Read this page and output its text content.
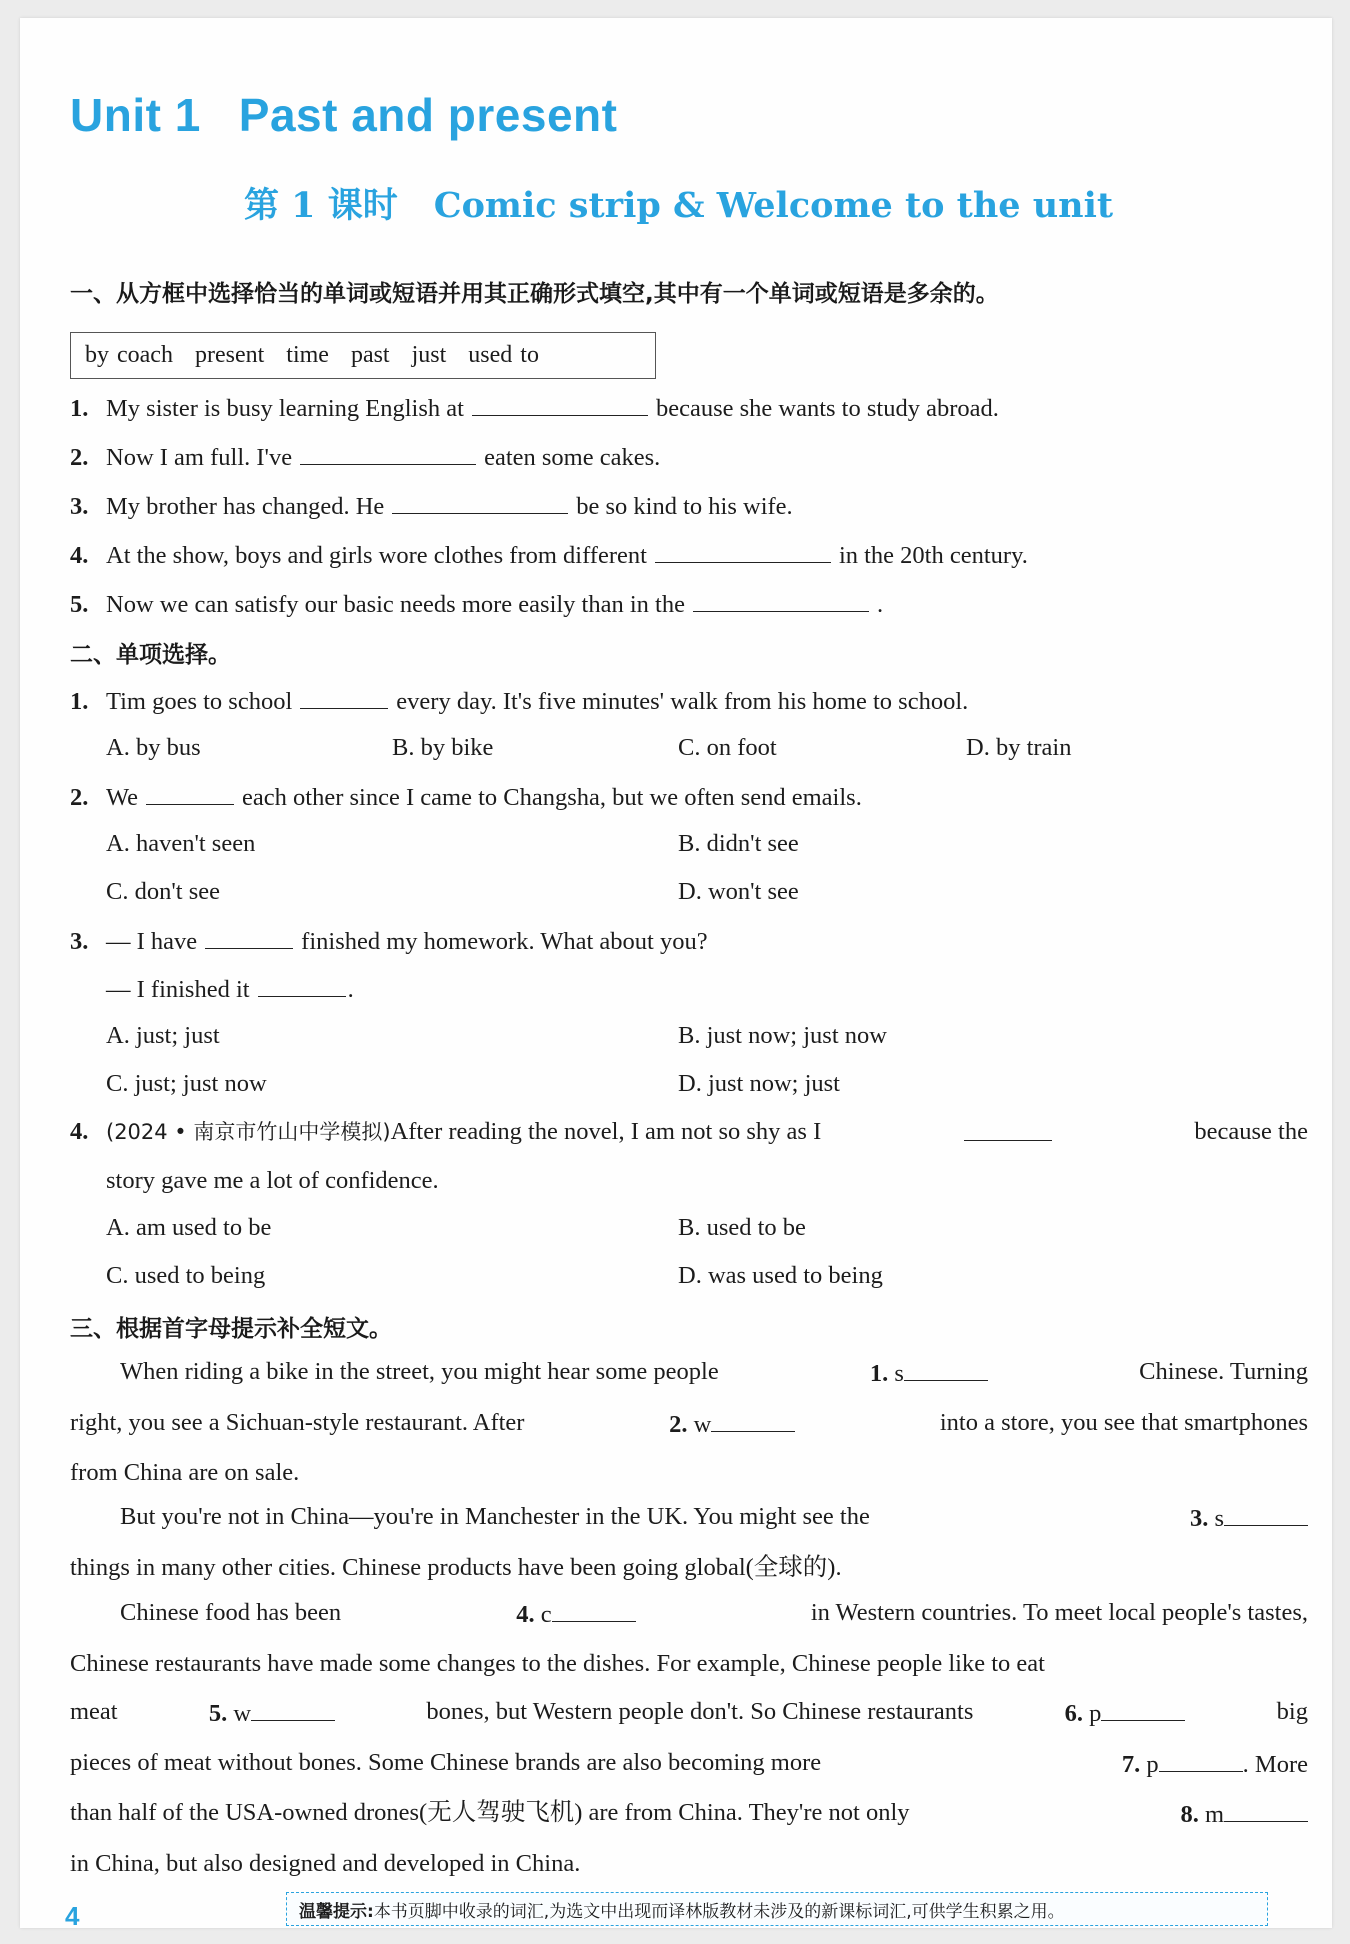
Unit 1 Past and present
第 1 课时 Comic strip & Welcome to the unit
一、从方框中选择恰当的单词或短语并用其正确形式填空,其中有一个单词或短语是多余的。
by coach present time past just used to
1. My sister is busy learning English at	because she wants to study abroad.
2. Now I am full. I've	eaten some cakes.
3. My brother has changed. He	be so kind to his wife.
4. At the show, boys and girls wore clothes from different	in the 20th century.
5. Now we can satisfy our basic needs more easily than in the	.
二、单项选择。
1. Tim goes to school	every day. It's five minutes' walk from his home to school.
A. by bus	B. by bike	C. on foot	D. by train
2. We	each other since I came to Changsha, but we often send emails.
A. haven't seen	B. didn't see
C. don't see	D. won't see
3. — I have	finished my homework. What about you?
— I finished it	.
A. just; just	B. just now; just now
C. just; just now	D. just now; just
4. (2024 • 南京市竹山中学模拟)After reading the novel, I am not so shy as I	because the
story gave me a lot of confidence.
A. am used to be	B. used to be
C. used to being	D. was used to being
三、根据首字母提示补全短文。
When riding a bike in the street, you might hear some people	1. s	Chinese. Turning
right, you see a Sichuan-style restaurant. After	2. w	into a store, you see that smartphones
from China are on sale.
But you're not in China—you're in Manchester in the UK. You might see the	3. s
things in many other cities. Chinese products have been going global(全球的).
Chinese food has been	4. c	in Western countries. To meet local people's tastes,
Chinese restaurants have made some changes to the dishes. For example, Chinese people like to eat
meat	5. w	bones, but Western people don't. So Chinese restaurants	6. p	big
pieces of meat without bones. Some Chinese brands are also becoming more	7. p	. More
than half of the USA-owned drones(无人驾驶飞机) are from China. They're not only	8. m
in China, but also designed and developed in China.
4	温馨提示: 本书页脚中收录的词汇,为选文中出现而译林版教材未涉及的新课标词汇,可供学生积累之用。
